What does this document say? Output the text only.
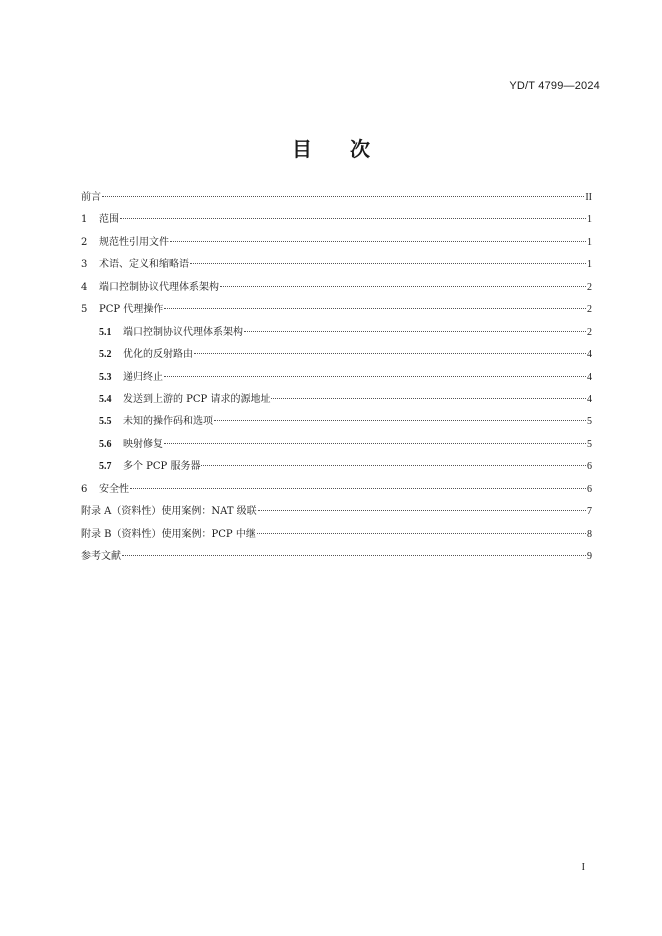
YD/T 4799—2024
目 次
前言	II
1	范围	1
2	规范性引用文件	1
3	术语、定义和缩略语	1
4	端口控制协议代理体系架构	2
5	PCP 代理操作	2
5.1	端口控制协议代理体系架构	2
5.2	优化的反射路由	4
5.3	递归终止	4
5.4	发送到上游的 PCP 请求的源地址	4
5.5	未知的操作码和选项	5
5.6	映射修复	5
5.7	多个 PCP 服务器	6
6	安全性	6
附录 A（资料性）使用案例：NAT 级联	7
附录 B（资料性）使用案例：PCP 中继	8
参考文献	9
I
